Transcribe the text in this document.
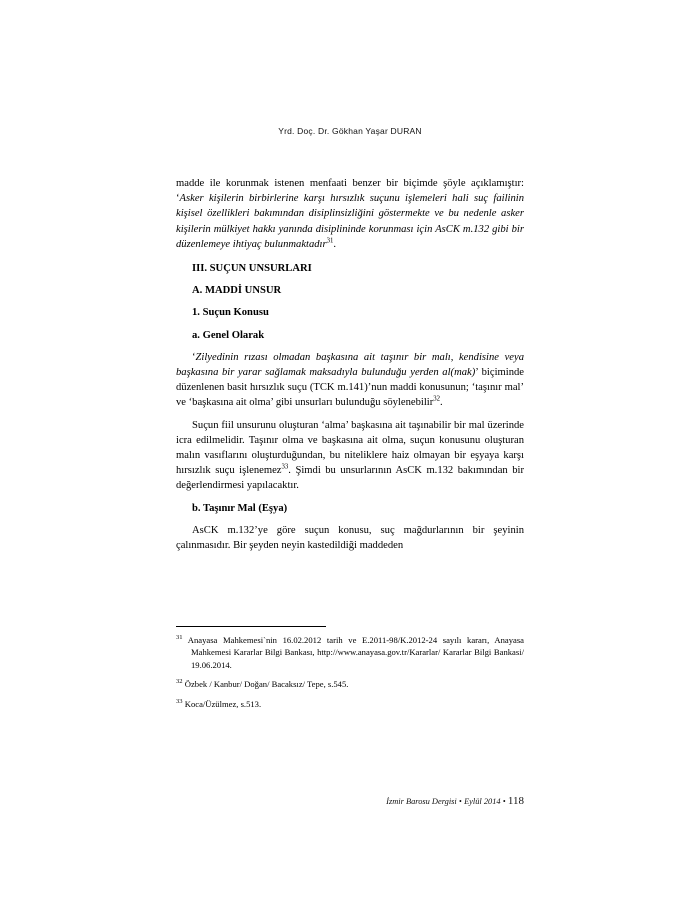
Yrd. Doç. Dr. Gökhan Yaşar DURAN

madde ile korunmak istenen menfaati benzer bir biçimde şöyle açıklamıştır: ‘Asker kişilerin birbirlerine karşı hırsızlık suçunu işlemeleri hali suç failinin kişisel özellikleri bakımından disiplinsizliğini göstermekte ve bu nedenle asker kişilerin mülkiyet hakkı yanında disiplininde korunması için AsCK m.132 gibi bir düzenlemeye ihtiyaç bulunmaktadır$^{31}$.

III. SUÇUN UNSURLARI
A. MADDİ UNSUR
1. Suçun Konusu
a. Genel Olarak

‘Zilyedinin rızası olmadan başkasına ait taşınır bir malı, kendisine veya başkasına bir yarar sağlamak maksadıyla bulunduğu yerden al(mak)’ biçiminde düzenlenen basit hırsızlık suçu (TCK m.141)’nun maddi konusunun; ‘taşınır mal’ ve ‘başkasına ait olma’ gibi unsurları bulunduğu söylenebilir$^{32}$.

Suçun fiil unsurunu oluşturan ‘alma’ başkasına ait taşınabilir bir mal üzerinde icra edilmelidir. Taşınır olma ve başkasına ait olma, suçun konusunu oluşturan malın vasıflarını oluşturduğundan, bu niteliklere haiz olmayan bir eşyaya karşı hırsızlık suçu işlenemez$^{33}$. Şimdi bu unsurlarının AsCK m.132 bakımından bir değerlendirmesi yapılacaktır.

b. Taşınır Mal (Eşya)

AsCK m.132’ye göre suçun konusu, suç mağdurlarının bir şeyinin çalınmasıdır. Bir şeyden neyin kastedildiği maddeden

$^{31}$ Anayasa Mahkemesi`nin 16.02.2012 tarih ve E.2011-98/K.2012-24 sayılı kararı, Anayasa Mahkemesi Kararlar Bilgi Bankası, http://www.anayasa.gov.tr/Kararlar/ Kararlar Bilgi Bankasi/ 19.06.2014.
$^{32}$ Özbek / Kanbur/ Doğan/ Bacaksız/ Tepe, s.545.
$^{33}$ Koca/Üzülmez, s.513.
İzmir Barosu Dergisi • Eylül 2014 • 118
